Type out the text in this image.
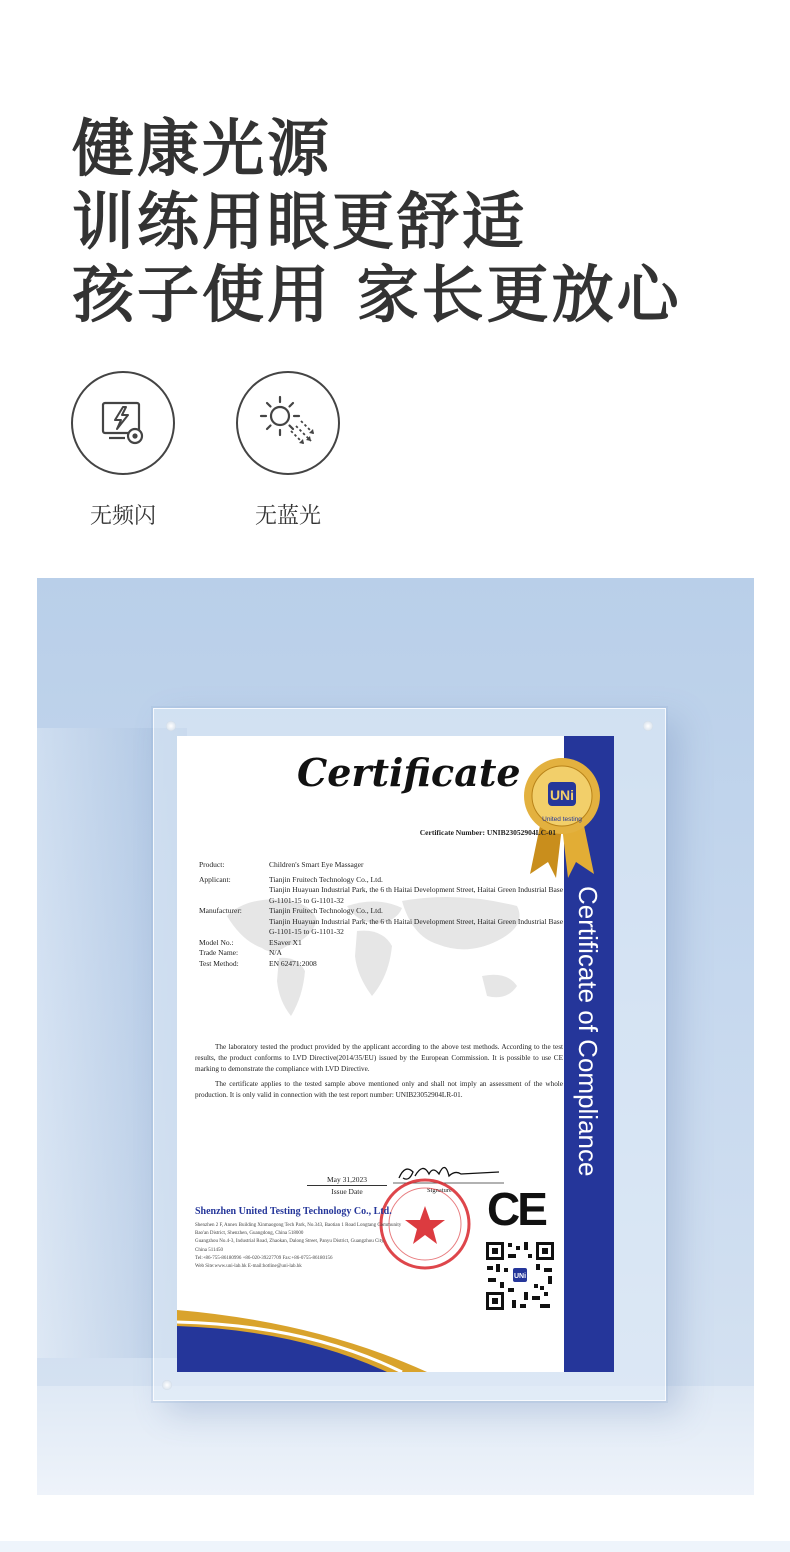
健康光源
训练用眼更舒适
孩子使用 家长更放心
无频闪	无蓝光
Certificate of Compliance
Certificate UNi
United testing
Certificate Number: UNIB23052904LC-01
Product:	Children's Smart Eye Massager
Applicant:	Tianjin Fruitech Technology Co., Ltd.
Tianjin Huayuan Industrial Park, the 6 th Haitai Development Street, Haitai Green Industrial Base G-1101-15 to G-1101-32
Manufacturer:	Tianjin Fruitech Technology Co., Ltd.
Tianjin Huayuan Industrial Park, the 6 th Haitai Development Street, Haitai Green Industrial Base G-1101-15 to G-1101-32
Model No.:	ESaver X1
Trade Name:	N/A
Test Method:	EN 62471:2008

The laboratory tested the product provided by the applicant according to the above test methods. According to the test results, the product conforms to LVD Directive(2014/35/EU) issued by the European Commission. It is possible to use CE marking to demonstrate the compliance with LVD Directive.

The certificate applies to the tested sample above mentioned only and shall not imply an assessment of the whole production. It is only valid in connection with the test report number: UNIB23052904LR-01.

May 31,2023
Issue Date	Signature
Shenzhen United Testing Technology Co., Ltd.
Shenzhen 2 F, Annex Building Xinmaogong Tech Park, No.343, Baotian 1 Road Longtang Community
Bao'an District, Shenzhen, Guangdong, China 518000
Guangzhou No.4-3, Industrial Road, Zhaokan, Dalong Street, Panyu District, Guangzhou City,
China 511450
Tel:+86-755-86180996 +86-020-39227709 Fax:+86-0755-86180156
Web Site:www.uni-lab.hk E-mail:hotline@uni-lab.hk
CE
UNi
